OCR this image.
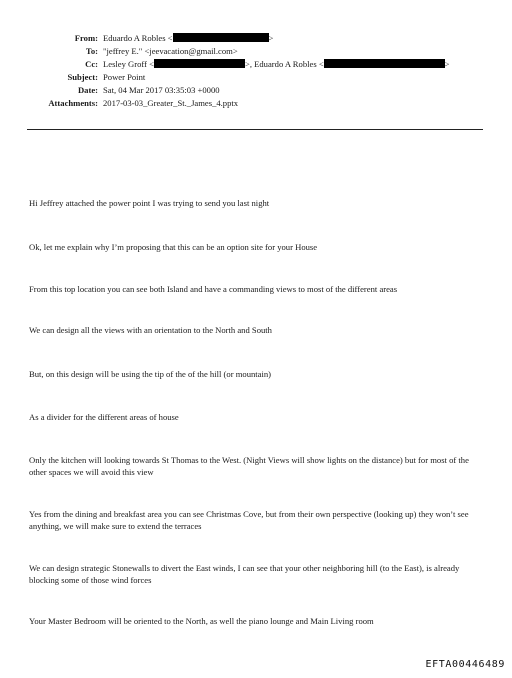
From: Eduardo A Robles <	>
To: "jeffrey E." <jeevacation@gmail.com>
Cc: Lesley Groff <	>, Eduardo A Robles <	>
Subject: Power Point
Date: Sat, 04 Mar 2017 03:35:03 +0000
Attachments: 2017-03-03_Greater_St._James_4.pptx
Hi Jeffrey attached the power point I was trying to send you last night
Ok, let me explain why I’m proposing that this can be an option site for your House
From this top location you can see both Island and have a commanding views to most of the different areas
We can design all the views with an orientation to the North and South
But, on this design will be using the tip of the of the hill (or mountain)
As a divider for the different areas of house
Only the kitchen will looking towards St Thomas to the West. (Night Views will show lights on the distance) but for most of the other spaces we will avoid this view
Yes from the dining and breakfast area you can see Christmas Cove, but from their own perspective (looking up) they won’t see anything, we will make sure to extend the terraces
We can design strategic Stonewalls to divert the East winds, I can see that your other neighboring hill (to the East), is already blocking some of those wind forces
Your Master Bedroom will be oriented to the North, as well the piano lounge and Main Living room
EFTA00446489
